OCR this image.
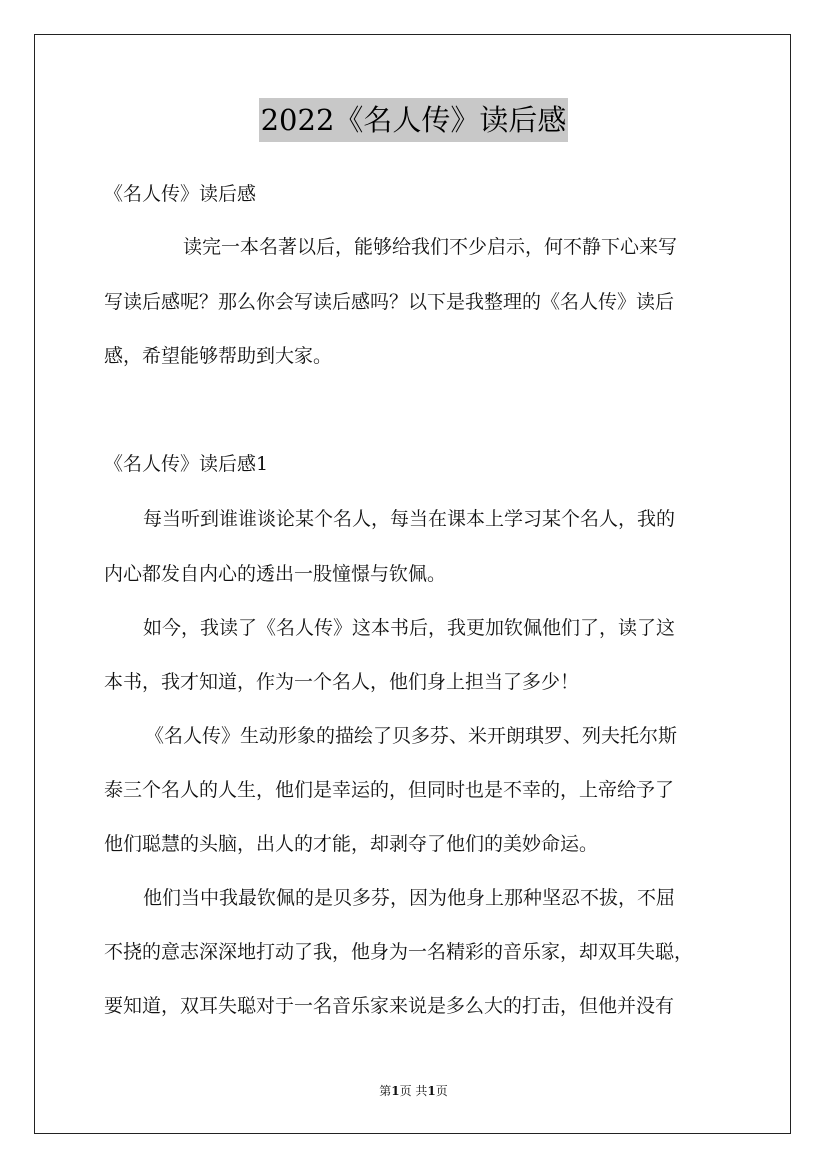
2022《名人传》读后感
《名人传》读后感
读完一本名著以后，能够给我们不少启示，何不静下心来写
写读后感呢？那么你会写读后感吗？以下是我整理的《名人传》读后
感，希望能够帮助到大家。
《名人传》读后感1
每当听到谁谁谈论某个名人，每当在课本上学习某个名人，我的
内心都发自内心的透出一股憧憬与钦佩。
如今，我读了《名人传》这本书后，我更加钦佩他们了，读了这
本书，我才知道，作为一个名人，他们身上担当了多少！
《名人传》生动形象的描绘了贝多芬、米开朗琪罗、列夫托尔斯
泰三个名人的人生，他们是幸运的，但同时也是不幸的，上帝给予了
他们聪慧的头脑，出人的才能，却剥夺了他们的美妙命运。
他们当中我最钦佩的是贝多芬，因为他身上那种坚忍不拔，不屈
不挠的意志深深地打动了我，他身为一名精彩的音乐家，却双耳失聪，
要知道，双耳失聪对于一名音乐家来说是多么大的打击，但他并没有
第1页 共1页
